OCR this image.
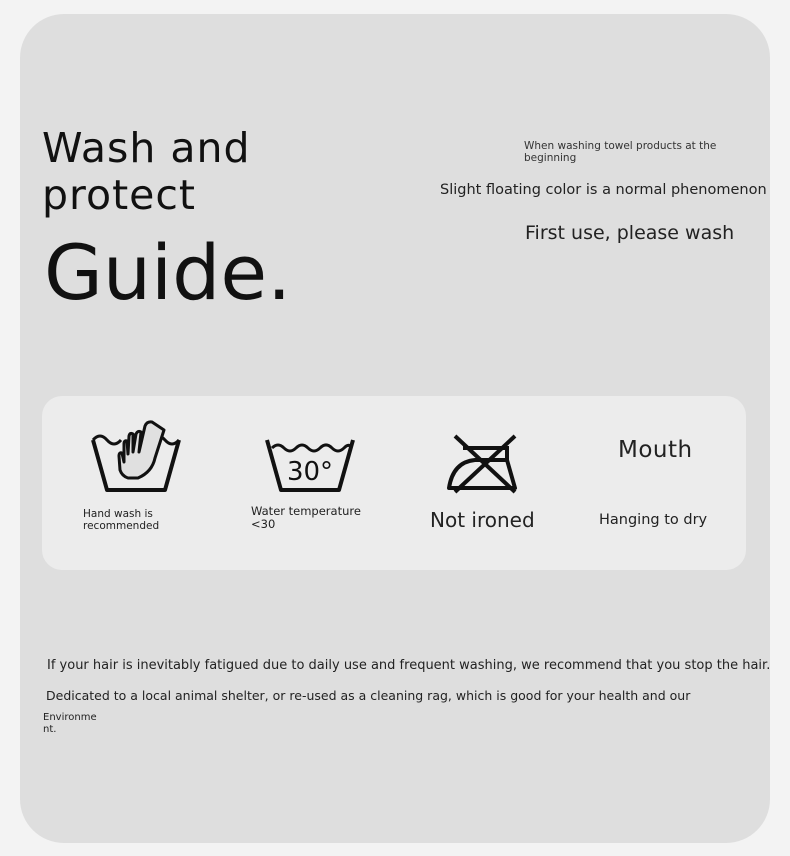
Wash and
protect
Guide.

When washing towel products at the beginning

Slight floating color is a normal phenomenon

First use, please wash

30°

Mouth

Hand wash is recommended

Water temperature <30	Not ironed	Hanging to dry

If your hair is inevitably fatigued due to daily use and frequent washing, we recommend that you stop the hair.

Dedicated to a local animal shelter, or re-used as a cleaning rag, which is good for your health and our

Environment.
